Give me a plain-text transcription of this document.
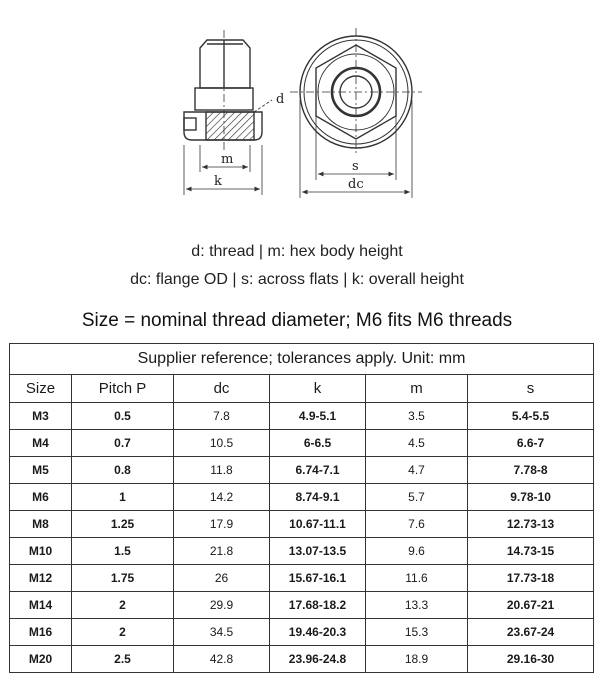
d
m
k
s
dc
d: thread | m: hex body height
dc: flange OD | s: across flats | k: overall height
Size = nominal thread diameter; M6 fits M6 threads
Supplier reference; tolerances apply. Unit: mm					
Size	Pitch P	dc	k	m	s
M3	0.5	7.8	4.9-5.1	3.5	5.4-5.5
M4	0.7	10.5	6-6.5	4.5	6.6-7
M5	0.8	11.8	6.74-7.1	4.7	7.78-8
M6	1	14.2	8.74-9.1	5.7	9.78-10
M8	1.25	17.9	10.67-11.1	7.6	12.73-13
M10	1.5	21.8	13.07-13.5	9.6	14.73-15
M12	1.75	26	15.67-16.1	11.6	17.73-18
M14	2	29.9	17.68-18.2	13.3	20.67-21
M16	2	34.5	19.46-20.3	15.3	23.67-24
M20	2.5	42.8	23.96-24.8	18.9	29.16-30
